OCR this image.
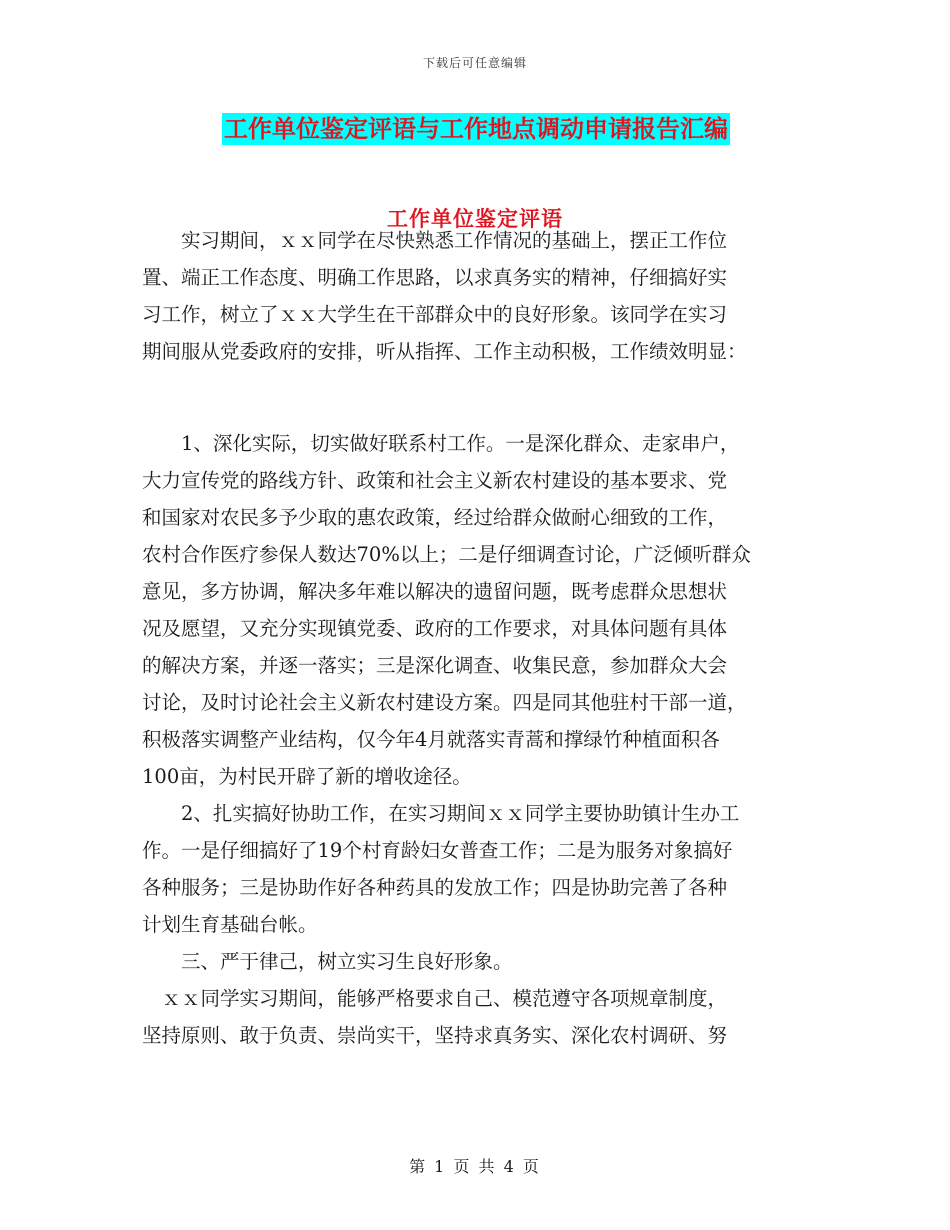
下载后可任意编辑
工作单位鉴定评语与工作地点调动申请报告汇编
工作单位鉴定评语
　　实习期间，ｘｘ同学在尽快熟悉工作情况的基础上，摆正工作位
置、端正工作态度、明确工作思路，以求真务实的精神，仔细搞好实
习工作，树立了ｘｘ大学生在干部群众中的良好形象。该同学在实习
期间服从党委政府的安排，听从指挥、工作主动积极，工作绩效明显：
　　1、深化实际，切实做好联系村工作。一是深化群众、走家串户，
大力宣传党的路线方针、政策和社会主义新农村建设的基本要求、党
和国家对农民多予少取的惠农政策，经过给群众做耐心细致的工作，
农村合作医疗参保人数达70%以上；二是仔细调查讨论，广泛倾听群众
意见，多方协调，解决多年难以解决的遗留问题，既考虑群众思想状
况及愿望，又充分实现镇党委、政府的工作要求，对具体问题有具体
的解决方案，并逐一落实；三是深化调查、收集民意，参加群众大会
讨论，及时讨论社会主义新农村建设方案。四是同其他驻村干部一道，
积极落实调整产业结构，仅今年4月就落实青蒿和撑绿竹种植面积各
100亩，为村民开辟了新的增收途径。
　　2、扎实搞好协助工作，在实习期间ｘｘ同学主要协助镇计生办工
作。一是仔细搞好了19个村育龄妇女普查工作；二是为服务对象搞好
各种服务；三是协助作好各种药具的发放工作；四是协助完善了各种
计划生育基础台帐。
　　三、严于律己，树立实习生良好形象。
　ｘｘ同学实习期间，能够严格要求自己、模范遵守各项规章制度，
坚持原则、敢于负责、崇尚实干，坚持求真务实、深化农村调研、努
第 1 页 共 4 页
